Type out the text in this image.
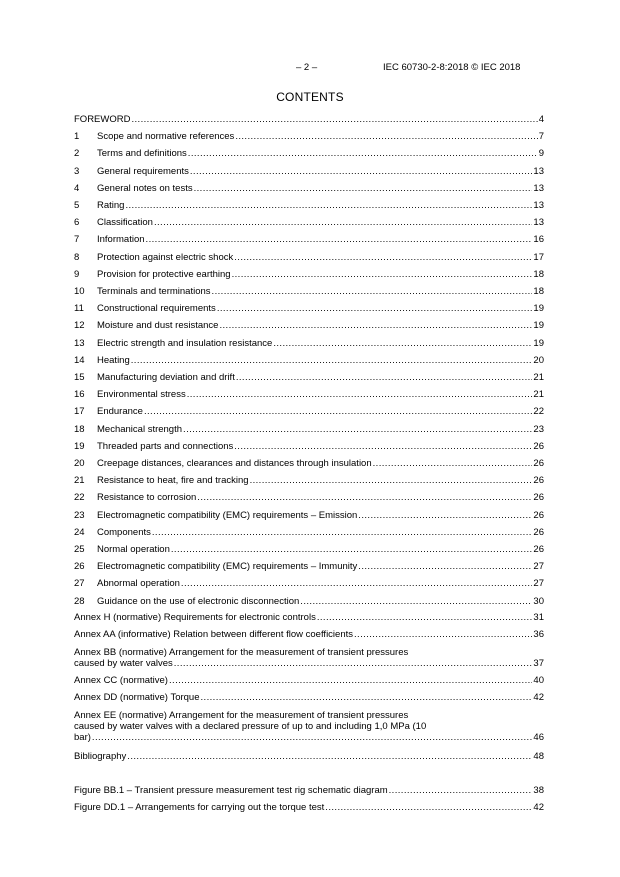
– 2 –	IEC 60730-2-8:2018 © IEC 2018
CONTENTS
FOREWORD .....	4
1	Scope and normative references .....	7
2	Terms and definitions .....	9
3	General requirements .....	13
4	General notes on tests .....	13
5	Rating .....	13
6	Classification .....	13
7	Information .....	16
8	Protection against electric shock .....	17
9	Provision for protective earthing .....	18
10	Terminals and terminations .....	18
11	Constructional requirements .....	19
12	Moisture and dust resistance .....	19
13	Electric strength and insulation resistance .....	19
14	Heating .....	20
15	Manufacturing deviation and drift .....	21
16	Environmental stress .....	21
17	Endurance .....	22
18	Mechanical strength .....	23
19	Threaded parts and connections .....	26
20	Creepage distances, clearances and distances through insulation .....	26
21	Resistance to heat, fire and tracking .....	26
22	Resistance to corrosion .....	26
23	Electromagnetic compatibility (EMC) requirements – Emission .....	26
24	Components .....	26
25	Normal operation .....	26
26	Electromagnetic compatibility (EMC) requirements – Immunity .....	27
27	Abnormal operation .....	27
28	Guidance on the use of electronic disconnection .....	30
Annex H (normative) Requirements for electronic controls .....	31
Annex AA (informative) Relation between different flow coefficients .....	36
Annex BB (normative) Arrangement for the measurement of transient pressures
caused by water valves .....	37
Annex CC (normative) .....	40
Annex DD (normative) Torque .....	42
Annex EE (normative) Arrangement for the measurement of transient pressures
caused by water valves with a declared pressure of up to and including 1,0 MPa (10
bar) .....	46
Bibliography .....	48
Figure BB.1 – Transient pressure measurement test rig schematic diagram .....	38
Figure DD.1 – Arrangements for carrying out the torque test .....	42
